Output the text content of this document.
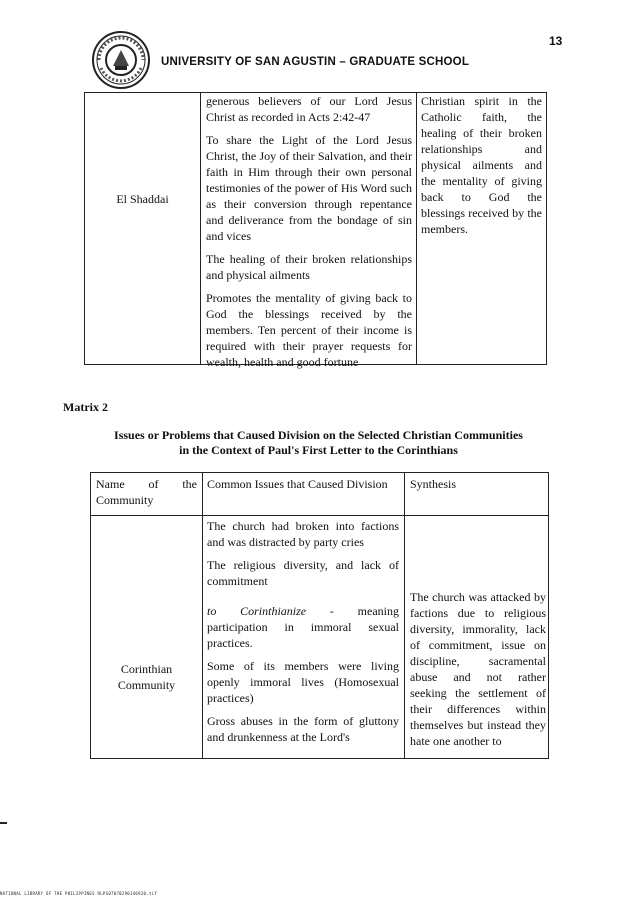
13
UNIVERSITY OF SAN AGUSTIN – GRADUATE SCHOOL
El Shaddai

generous believers of our Lord Jesus Christ as recorded in Acts 2:42-47

To share the Light of the Lord Jesus Christ, the Joy of their Salvation, and their faith in Him through their own personal testimonies of the power of His Word such as their conversion through repentance and deliverance from the bondage of sin and vices

The healing of their broken relationships and physical ailments

Promotes the mentality of giving back to God the blessings received by the members. Ten percent of their income is required with their prayer requests for wealth, health and good fortune

Christian spirit in the Catholic faith, the healing of their broken relationships and physical ailments and the mentality of giving back to God the blessings received by the members.
Matrix 2
Issues or Problems that Caused Division on the Selected Christian Communities
in the Context of Paul's First Letter to the Corinthians
Name of the Community
Common Issues that Caused Division	Synthesis
Corinthian Community

The church had broken into factions and was distracted by party cries

The religious diversity, and lack of commitment

to Corinthianize - meaning participation in immoral sexual practices.

Some of its members were living openly immoral lives (Homosexual practices)

Gross abuses in the form of gluttony and drunkenness at the Lord's

The church was attacked by factions due to religious diversity, immorality, lack of commitment, issue on discipline, sacramental abuse and not rather seeking the settlement of their differences within themselves but instead they hate one another to
NATIONAL LIBRARY OF THE PHILIPPINES RLPS07070290146920.tif
